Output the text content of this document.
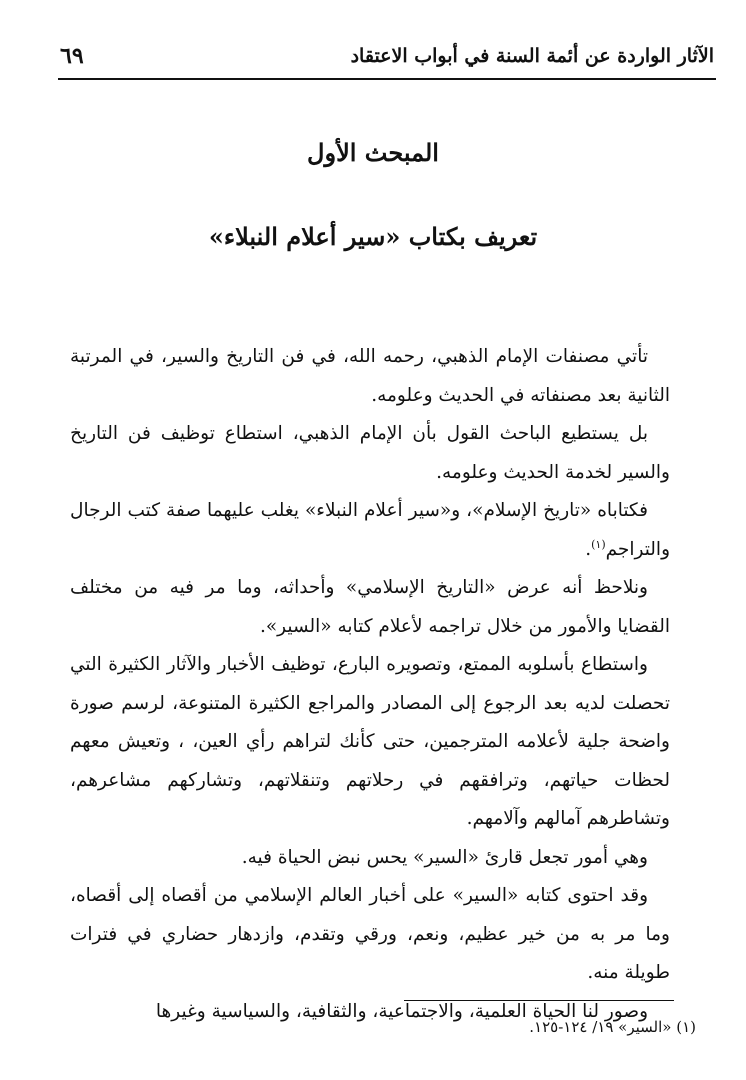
الآثار الواردة عن أئمة السنة في أبواب الاعتقاد
٦٩
المبحث الأول
تعريف بكتاب «سير أعلام النبلاء»

تأتي مصنفات الإمام الذهبي، رحمه الله، في فن التاريخ والسير، في المرتبة الثانية بعد مصنفاته في الحديث وعلومه.

بل يستطيع الباحث القول بأن الإمام الذهبي، استطاع توظيف فن التاريخ والسير لخدمة الحديث وعلومه.

فكتاباه «تاريخ الإسلام»، و«سير أعلام النبلاء» يغلب عليهما صفة كتب الرجال والتراجم$^{(١)}$.

ونلاحظ أنه عرض «التاريخ الإسلامي» وأحداثه، وما مر فيه من مختلف القضايا والأمور من خلال تراجمه لأعلام كتابه «السير».

واستطاع بأسلوبه الممتع، وتصويره البارع، توظيف الأخبار والآثار الكثيرة التي تحصلت لديه بعد الرجوع إلى المصادر والمراجع الكثيرة المتنوعة، لرسم صورة واضحة جلية لأعلامه المترجمين، حتى كأنك لتراهم رأي العين، ، وتعيش معهم لحظات حياتهم، وترافقهم في رحلاتهم وتنقلاتهم، وتشاركهم مشاعرهم، وتشاطرهم آمالهم وآلامهم.

وهي أمور تجعل قارئ «السير» يحس نبض الحياة فيه.

وقد احتوى كتابه «السير» على أخبار العالم الإسلامي من أقصاه إلى أقصاه، وما مر به من خير عظيم، ونعم، ورقي وتقدم، وازدهار حضاري في فترات طويلة منه.

وصور لنا الحياة العلمية، والاجتماعية، والثقافية، والسياسية وغيرها

(١) «السير» ١٩/ ١٢٤-١٢٥.
